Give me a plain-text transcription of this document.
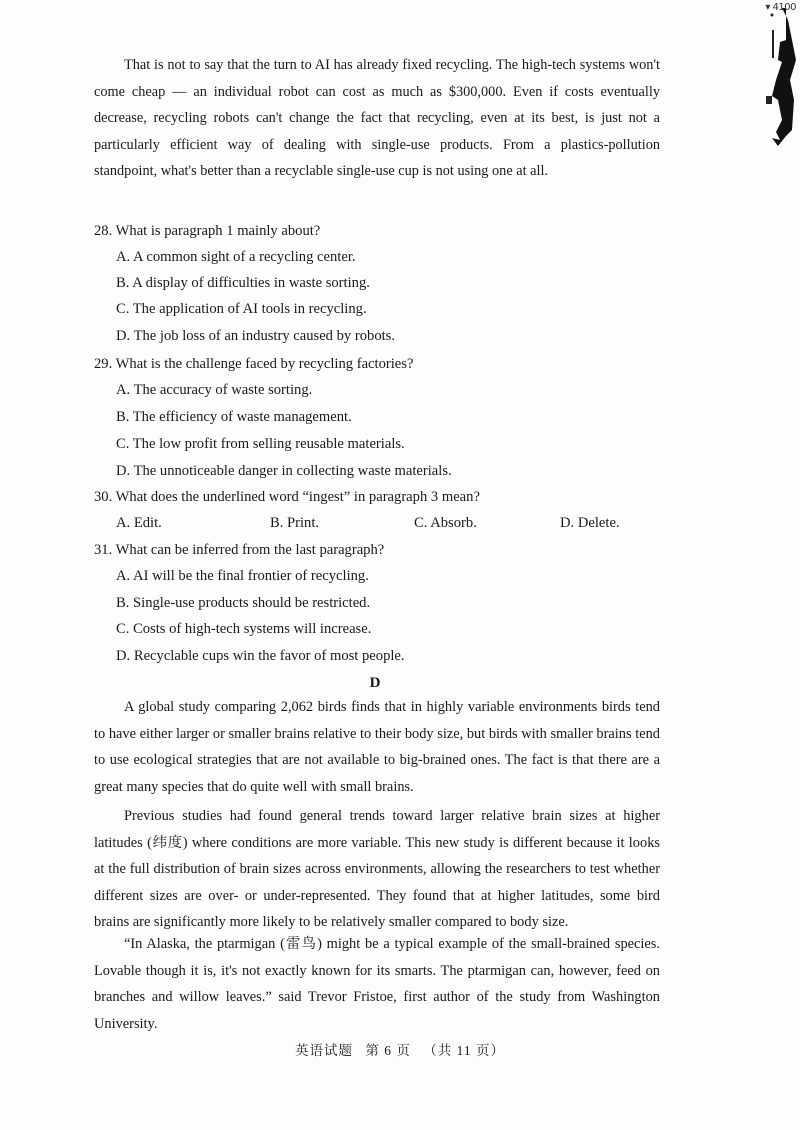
▾ 4100

That is not to say that the turn to AI has already fixed recycling. The high-tech systems won't come cheap — an individual robot can cost as much as $300,000. Even if costs eventually decrease, recycling robots can't change the fact that recycling, even at its best, is just not a particularly efficient way of dealing with single-use products. From a plastics-pollution standpoint, what's better than a recyclable single-use cup is not using one at all.

28. What is paragraph 1 mainly about?

A. A common sight of a recycling center.

B. A display of difficulties in waste sorting.

C. The application of AI tools in recycling.

D. The job loss of an industry caused by robots.

29. What is the challenge faced by recycling factories?

A. The accuracy of waste sorting.

B. The efficiency of waste management.

C. The low profit from selling reusable materials.

D. The unnoticeable danger in collecting waste materials.

30. What does the underlined word “ingest” in paragraph 3 mean?

A. Edit.	B. Print.	C. Absorb.	D. Delete.

31. What can be inferred from the last paragraph?

A. AI will be the final frontier of recycling.

B. Single-use products should be restricted.

C. Costs of high-tech systems will increase.

D. Recyclable cups win the favor of most people.

D

A global study comparing 2,062 birds finds that in highly variable environments birds tend to have either larger or smaller brains relative to their body size, but birds with smaller brains tend to use ecological strategies that are not available to big-brained ones. The fact is that there are a great many species that do quite well with small brains.

Previous studies had found general trends toward larger relative brain sizes at higher latitudes (纬度) where conditions are more variable. This new study is different because it looks at the full distribution of brain sizes across environments, allowing the researchers to test whether different sizes are over- or under-represented. They found that at higher latitudes, some bird brains are significantly more likely to be relatively smaller compared to body size.

“In Alaska, the ptarmigan (雷鸟) might be a typical example of the small-brained species. Lovable though it is, it's not exactly known for its smarts. The ptarmigan can, however, feed on branches and willow leaves.” said Trevor Fristoe, first author of the study from Washington University.

英语试题 第 6 页 （共 11 页）
